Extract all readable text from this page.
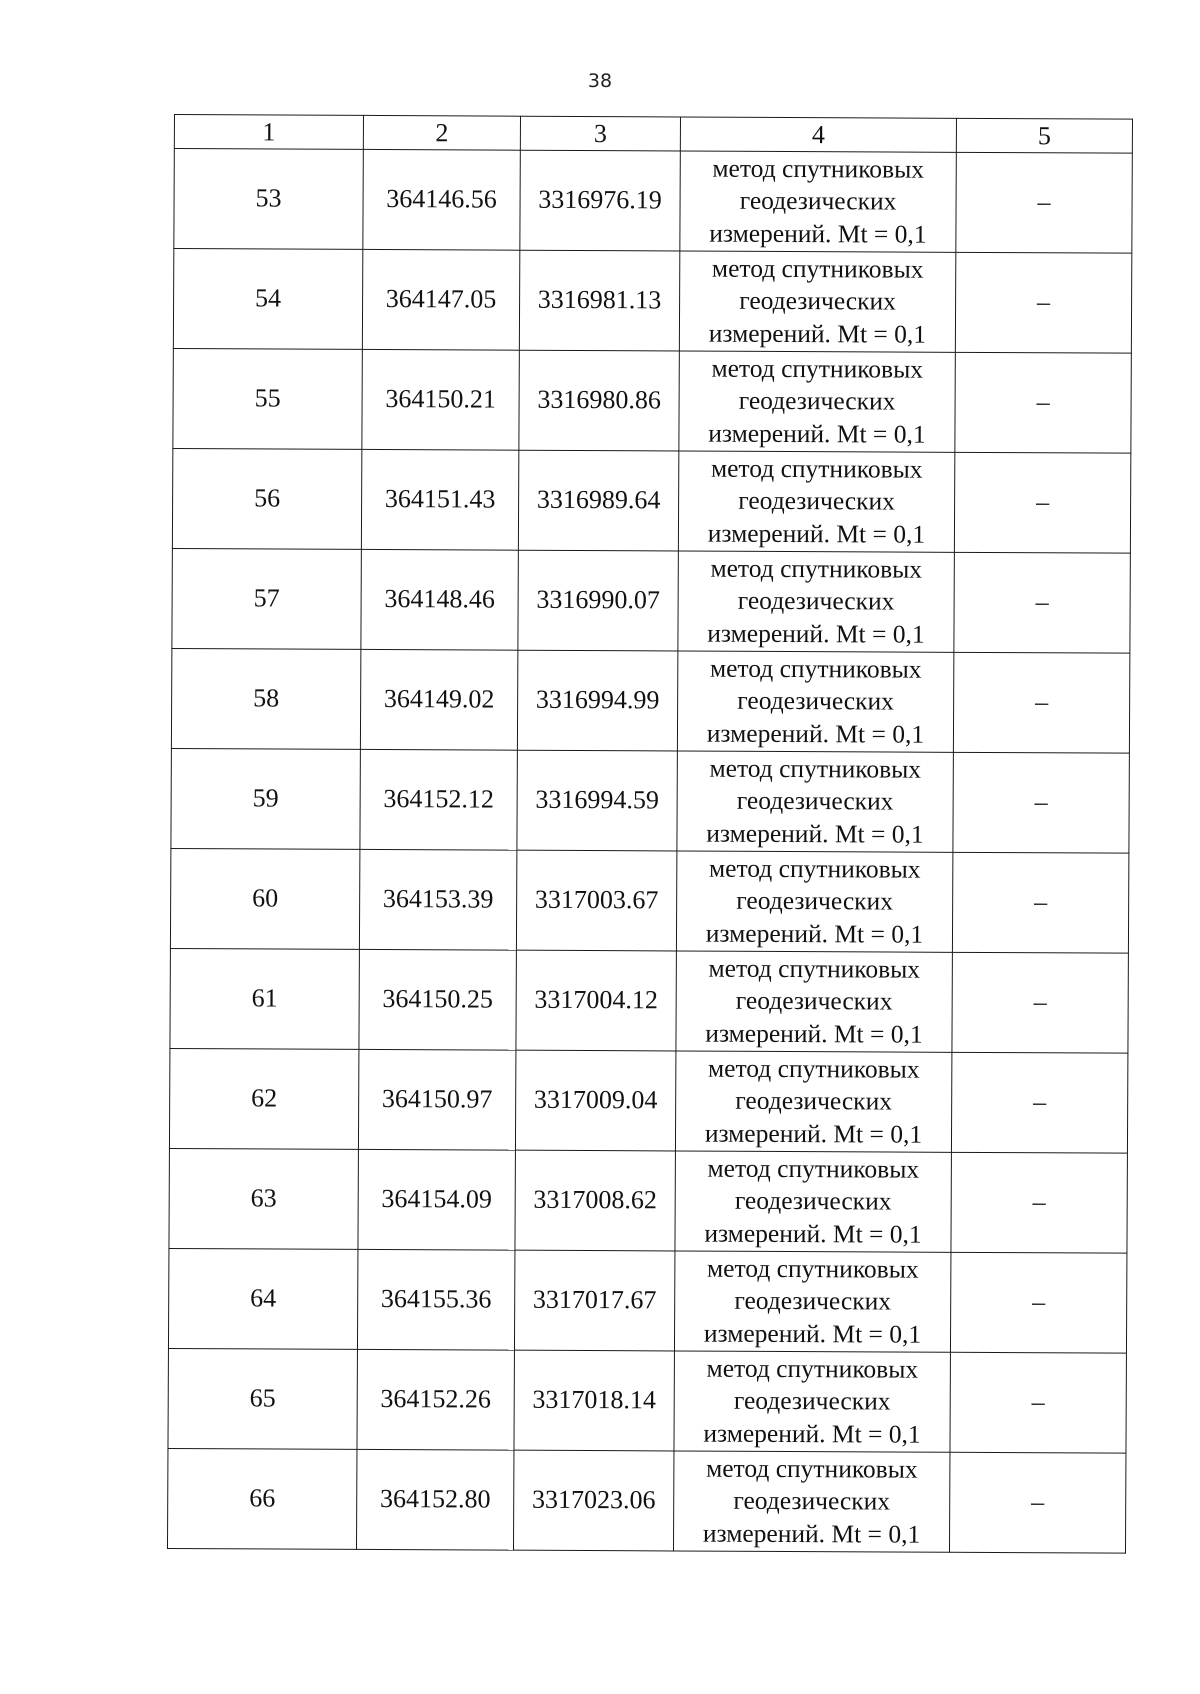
38
1	2	3	4	5
53	364146.56	3316976.19	метод спутниковых
геодезических
измерений. Mt = 0,1	–
54	364147.05	3316981.13	метод спутниковых
геодезических
измерений. Mt = 0,1	–
55	364150.21	3316980.86	метод спутниковых
геодезических
измерений. Mt = 0,1	–
56	364151.43	3316989.64	метод спутниковых
геодезических
измерений. Mt = 0,1	–
57	364148.46	3316990.07	метод спутниковых
геодезических
измерений. Mt = 0,1	–
58	364149.02	3316994.99	метод спутниковых
геодезических
измерений. Mt = 0,1	–
59	364152.12	3316994.59	метод спутниковых
геодезических
измерений. Mt = 0,1	–
60	364153.39	3317003.67	метод спутниковых
геодезических
измерений. Mt = 0,1	–
61	364150.25	3317004.12	метод спутниковых
геодезических
измерений. Mt = 0,1	–
62	364150.97	3317009.04	метод спутниковых
геодезических
измерений. Mt = 0,1	–
63	364154.09	3317008.62	метод спутниковых
геодезических
измерений. Mt = 0,1	–
64	364155.36	3317017.67	метод спутниковых
геодезических
измерений. Mt = 0,1	–
65	364152.26	3317018.14	метод спутниковых
геодезических
измерений. Mt = 0,1	–
66	364152.80	3317023.06	метод спутниковых
геодезических
измерений. Mt = 0,1	–
